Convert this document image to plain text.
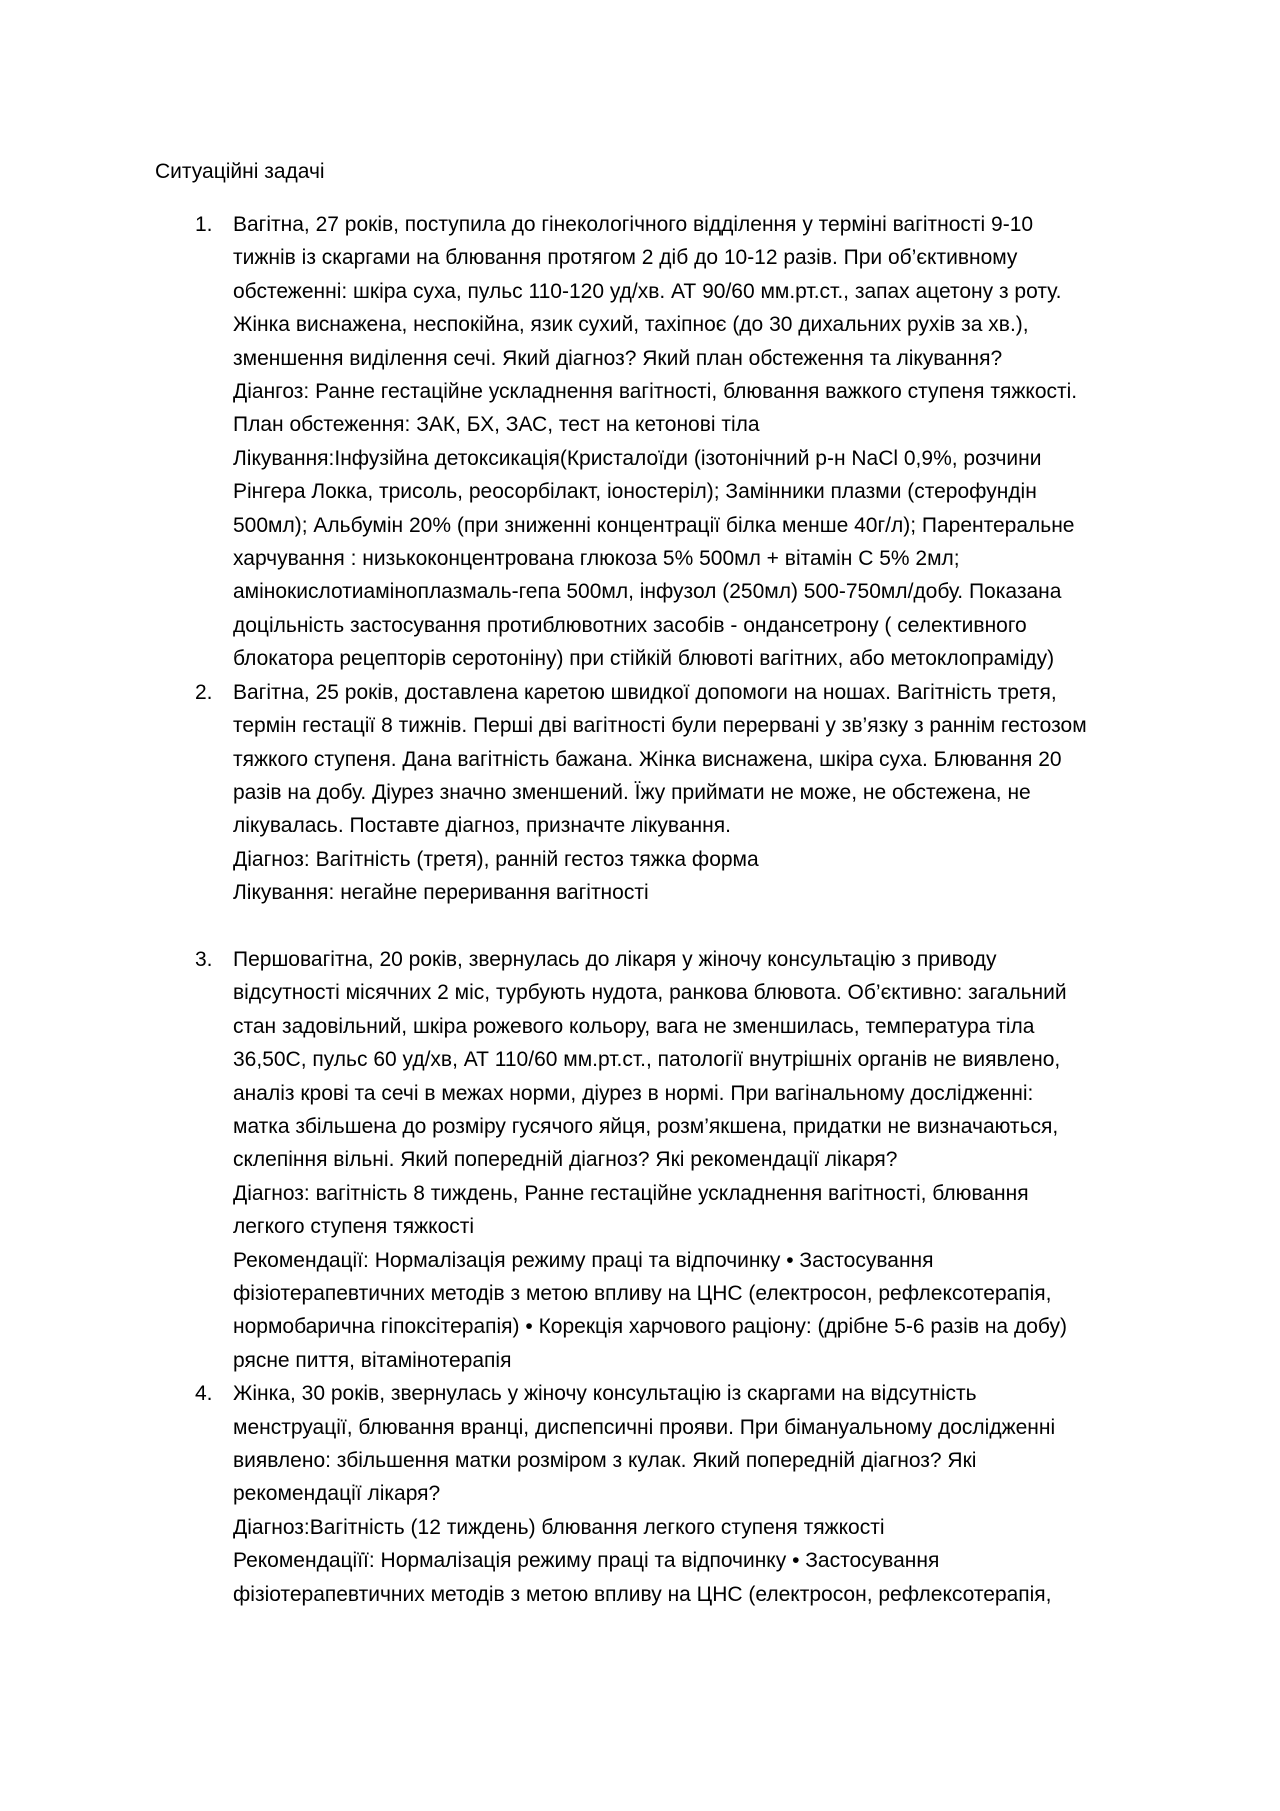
Ситуаційні задачі
1. Вагітна, 27 років, поступила до гінекологічного відділення у терміні вагітності 9-10
тижнів із скаргами на блювання протягом 2 діб до 10-12 разів. При об’єктивному
обстеженні: шкіра суха, пульс 110-120 уд/хв. АТ 90/60 мм.рт.ст., запах ацетону з роту.
Жінка виснажена, неспокійна, язик сухий, тахіпноє (до 30 дихальних рухів за хв.),
зменшення виділення сечі. Який діагноз? Який план обстеження та лікування?
Діангоз: Ранне гестаційне ускладнення вагітності, блювання важкого ступеня тяжкості.
План обстеження: ЗАК, БХ, ЗАС, тест на кетонові тіла
Лікування:Інфузійна детоксикація(Кристалоїди (ізотонічний р-н NaCl 0,9%, розчини
Рінгера Локка, трисоль, реосорбілакт, іоностеріл); Замінники плазми (стерофундін
500мл); Альбумін 20% (при зниженні концентрації білка менше 40г/л); Парентеральне
харчування : низькоконцентрована глюкоза 5% 500мл + вітамін С 5% 2мл;
амінокислотиаміноплазмаль-гепа 500мл, інфузол (250мл) 500-750мл/добу. Показана
доцільність застосування протиблювотних засобів - ондансетрону ( селективного
блокатора рецепторів серотоніну) при стійкій блювоті вагітних, або метоклопраміду)
2. Вагітна, 25 років, доставлена каретою швидкої допомоги на ношах. Вагітність третя,
термін гестації 8 тижнів. Перші дві вагітності були перервані у зв’язку з раннім гестозом
тяжкого ступеня. Дана вагітність бажана. Жінка виснажена, шкіра суха. Блювання 20
разів на добу. Діурез значно зменшений. Їжу приймати не може, не обстежена, не
лікувалась. Поставте діагноз, призначте лікування.
Діагноз: Вагітність (третя), ранній гестоз тяжка форма
Лікування: негайне переривання вагітності
3. Першовагітна, 20 років, звернулась до лікаря у жіночу консультацію з приводу
відсутності місячних 2 міс, турбують нудота, ранкова блювота. Об’єктивно: загальний
стан задовільний, шкіра рожевого кольору, вага не зменшилась, температура тіла
36,50С, пульс 60 уд/хв, АТ 110/60 мм.рт.ст., патології внутрішніх органів не виявлено,
аналіз крові та сечі в межах норми, діурез в нормі. При вагінальному дослідженні:
матка збільшена до розміру гусячого яйця, розм’якшена, придатки не визначаються,
склепіння вільні. Який попередній діагноз? Які рекомендації лікаря?
Діагноз: вагітність 8 тиждень, Ранне гестаційне ускладнення вагітності, блювання
легкого ступеня тяжкості
Рекомендації: Нормалізація режиму праці та відпочинку • Застосування
фізіотерапевтичних методів з метою впливу на ЦНС (електросон, рефлексотерапія,
нормобарична гіпоксітерапія) • Корекція харчового раціону: (дрібне 5-6 разів на добу)
рясне пиття, вітамінотерапія
4. Жінка, 30 років, звернулась у жіночу консультацію із скаргами на відсутність
менструації, блювання вранці, диспепсичні прояви. При бімануальному дослідженні
виявлено: збільшення матки розміром з кулак. Який попередній діагноз? Які
рекомендації лікаря?
Діагноз:Вагітність (12 тиждень) блювання легкого ступеня тяжкості
Рекомендаціїї: Нормалізація режиму праці та відпочинку • Застосування
фізіотерапевтичних методів з метою впливу на ЦНС (електросон, рефлексотерапія,
